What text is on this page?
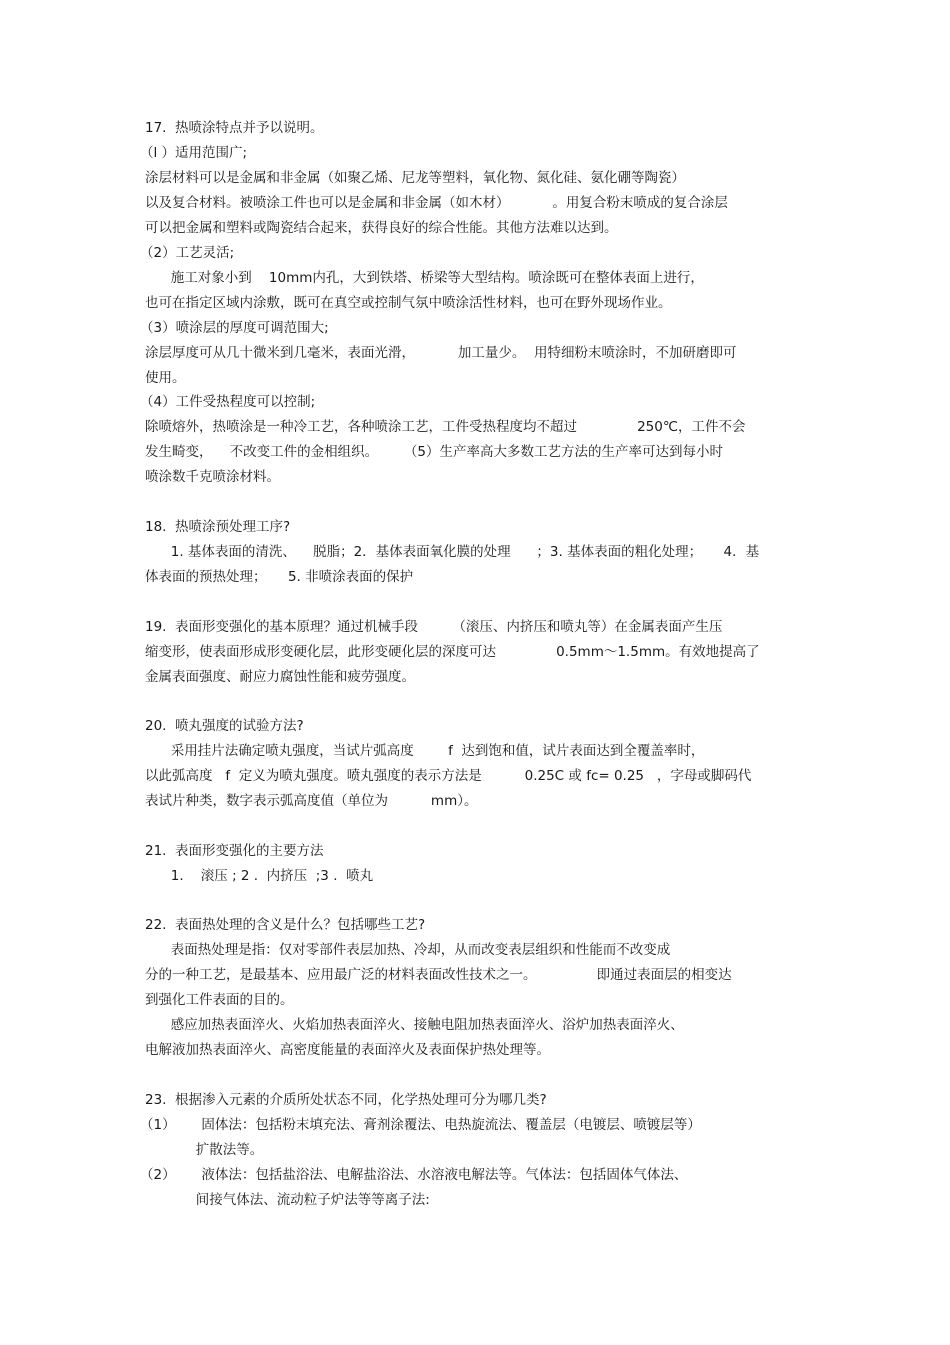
17.  热喷涂特点并予以说明。
（l ）适用范围广;
涂层材料可以是金属和非金属（如聚乙烯、尼龙等塑料，氧化物、氮化硅、氨化硼等陶瓷）
以及复合材料。被喷涂工件也可以是金属和非金属（如木材）          。用复合粉末喷成的复合涂层
可以把金属和塑料或陶瓷结合起来，获得良好的综合性能。其他方法难以达到。
（2）工艺灵活;
施工对象小到    10mm内孔，大到铁塔、桥梁等大型结构。喷涂既可在整体表面上进行，
也可在指定区域内涂敷，既可在真空或控制气氛中喷涂活性材料，也可在野外现场作业。
（3）喷涂层的厚度可调范围大;
涂层厚度可从几十微米到几毫米，表面光滑，          加工量少。  用特细粉末喷涂时，不加研磨即可
使用。
（4）工件受热程度可以控制;
除喷熔外，热喷涂是一种冷工艺，各种喷涂工艺，工件受热程度均不超过              250℃，工件不会
发生畸变，    不改变工件的金相组织。      （5）生产率高大多数工艺方法的生产率可达到每小时
喷涂数千克喷涂材料。
18.  热喷涂预处理工序?
1. 基体表面的清洗、    脱脂；2．基体表面氧化膜的处理      ；3. 基体表面的粗化处理；     4．基
体表面的预热处理；     5. 非喷涂表面的保护
19.  表面形变强化的基本原理？通过机械手段        （滚压、内挤压和喷丸等）在金属表面产生压
缩变形，使表面形成形变硬化层，此形变硬化层的深度可达              0.5mm～1.5mm。有效地提高了
金属表面强度、耐应力腐蚀性能和疲劳强度。
20.  喷丸强度的试验方法?
采用挂片法确定喷丸强度，当试片弧高度        f  达到饱和值，试片表面达到全覆盖率时，
以此弧高度   f  定义为喷丸强度。喷丸强度的表示方法是          0.25C 或 fc= 0.25   ，字母或脚码代
表试片种类，数字表示弧高度值（单位为          mm）。
21.  表面形变强化的主要方法
1.    滚压 ; 2 .  内挤压  ;3 .  喷丸
22.  表面热处理的含义是什么？包括哪些工艺?
表面热处理是指：仅对零部件表层加热、冷却，从而改变表层组织和性能而不改变成
分的一种工艺，是最基本、应用最广泛的材料表面改性技术之一。              即通过表面层的相变达
到强化工件表面的目的。
感应加热表面淬火、火焰加热表面淬火、接触电阻加热表面淬火、浴炉加热表面淬火、
电解液加热表面淬火、高密度能量的表面淬火及表面保护热处理等。
23.  根据渗入元素的介质所处状态不同，化学热处理可分为哪几类?
（1）      固体法：包括粉末填充法、膏剂涂覆法、电热旋流法、覆盖层（电镀层、喷镀层等）
扩散法等。
（2）      液体法：包括盐浴法、电解盐浴法、水溶液电解法等。气体法：包括固体气体法、
间接气体法、流动粒子炉法等等离子法:
